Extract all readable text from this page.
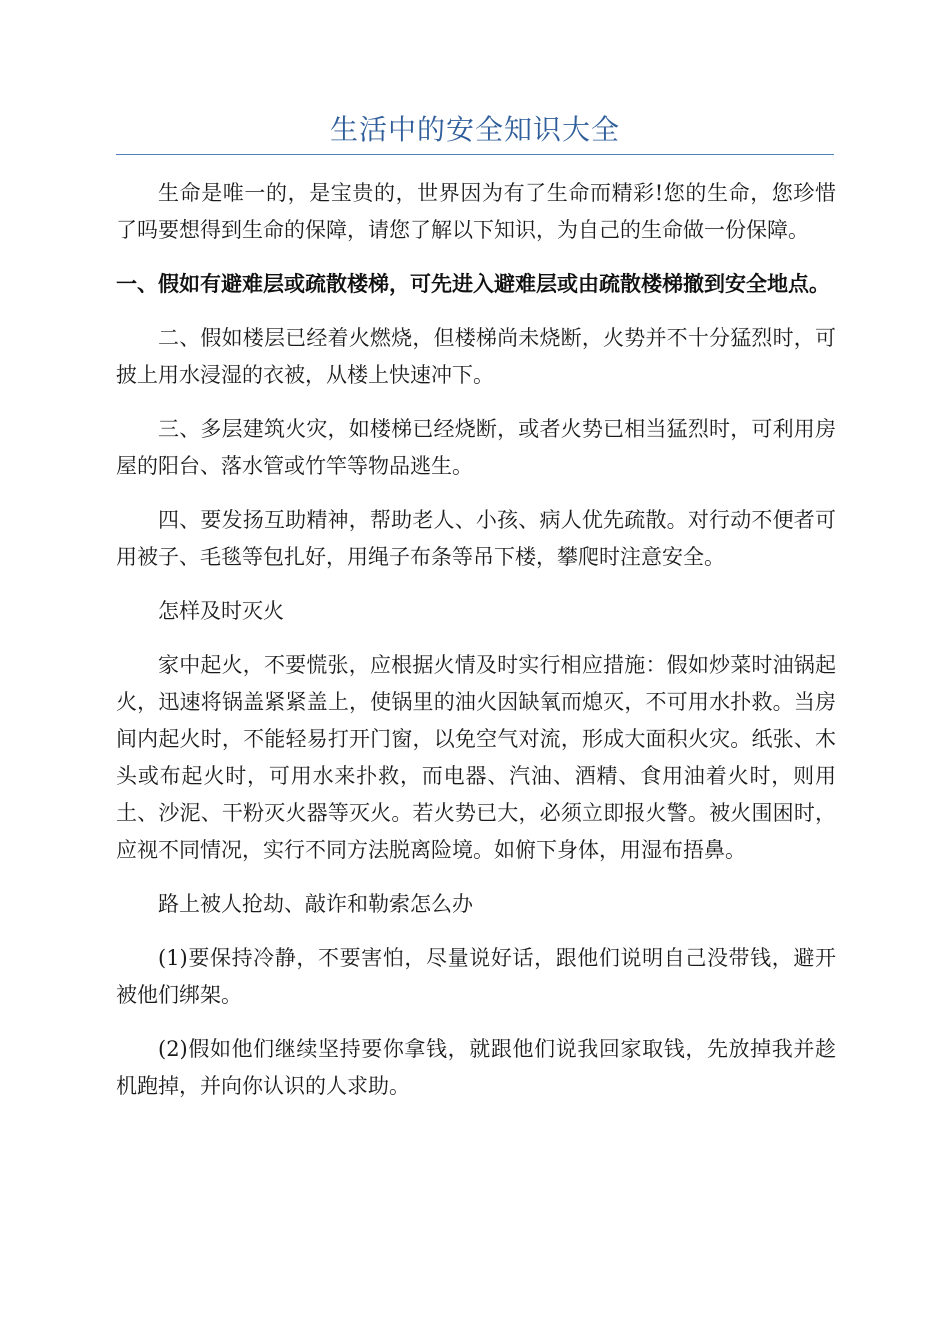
生活中的安全知识大全

生命是唯一的，是宝贵的，世界因为有了生命而精彩!您的生命，您珍惜了吗要想得到生命的保障，请您了解以下知识，为自己的生命做一份保障。

一、假如有避难层或疏散楼梯，可先进入避难层或由疏散楼梯撤到安全地点。

二、假如楼层已经着火燃烧，但楼梯尚未烧断，火势并不十分猛烈时，可披上用水浸湿的衣被，从楼上快速冲下。

三、多层建筑火灾，如楼梯已经烧断，或者火势已相当猛烈时，可利用房屋的阳台、落水管或竹竿等物品逃生。

四、要发扬互助精神，帮助老人、小孩、病人优先疏散。对行动不便者可用被子、毛毯等包扎好，用绳子布条等吊下楼，攀爬时注意安全。

怎样及时灭火

家中起火，不要慌张，应根据火情及时实行相应措施：假如炒菜时油锅起火，迅速将锅盖紧紧盖上，使锅里的油火因缺氧而熄灭，不可用水扑救。当房间内起火时，不能轻易打开门窗，以免空气对流，形成大面积火灾。纸张、木头或布起火时，可用水来扑救，而电器、汽油、酒精、食用油着火时，则用土、沙泥、干粉灭火器等灭火。若火势已大，必须立即报火警。被火围困时，应视不同情况，实行不同方法脱离险境。如俯下身体，用湿布捂鼻。

路上被人抢劫、敲诈和勒索怎么办

(1)要保持冷静，不要害怕，尽量说好话，跟他们说明自己没带钱，避开被他们绑架。

(2)假如他们继续坚持要你拿钱，就跟他们说我回家取钱，先放掉我并趁机跑掉，并向你认识的人求助。
